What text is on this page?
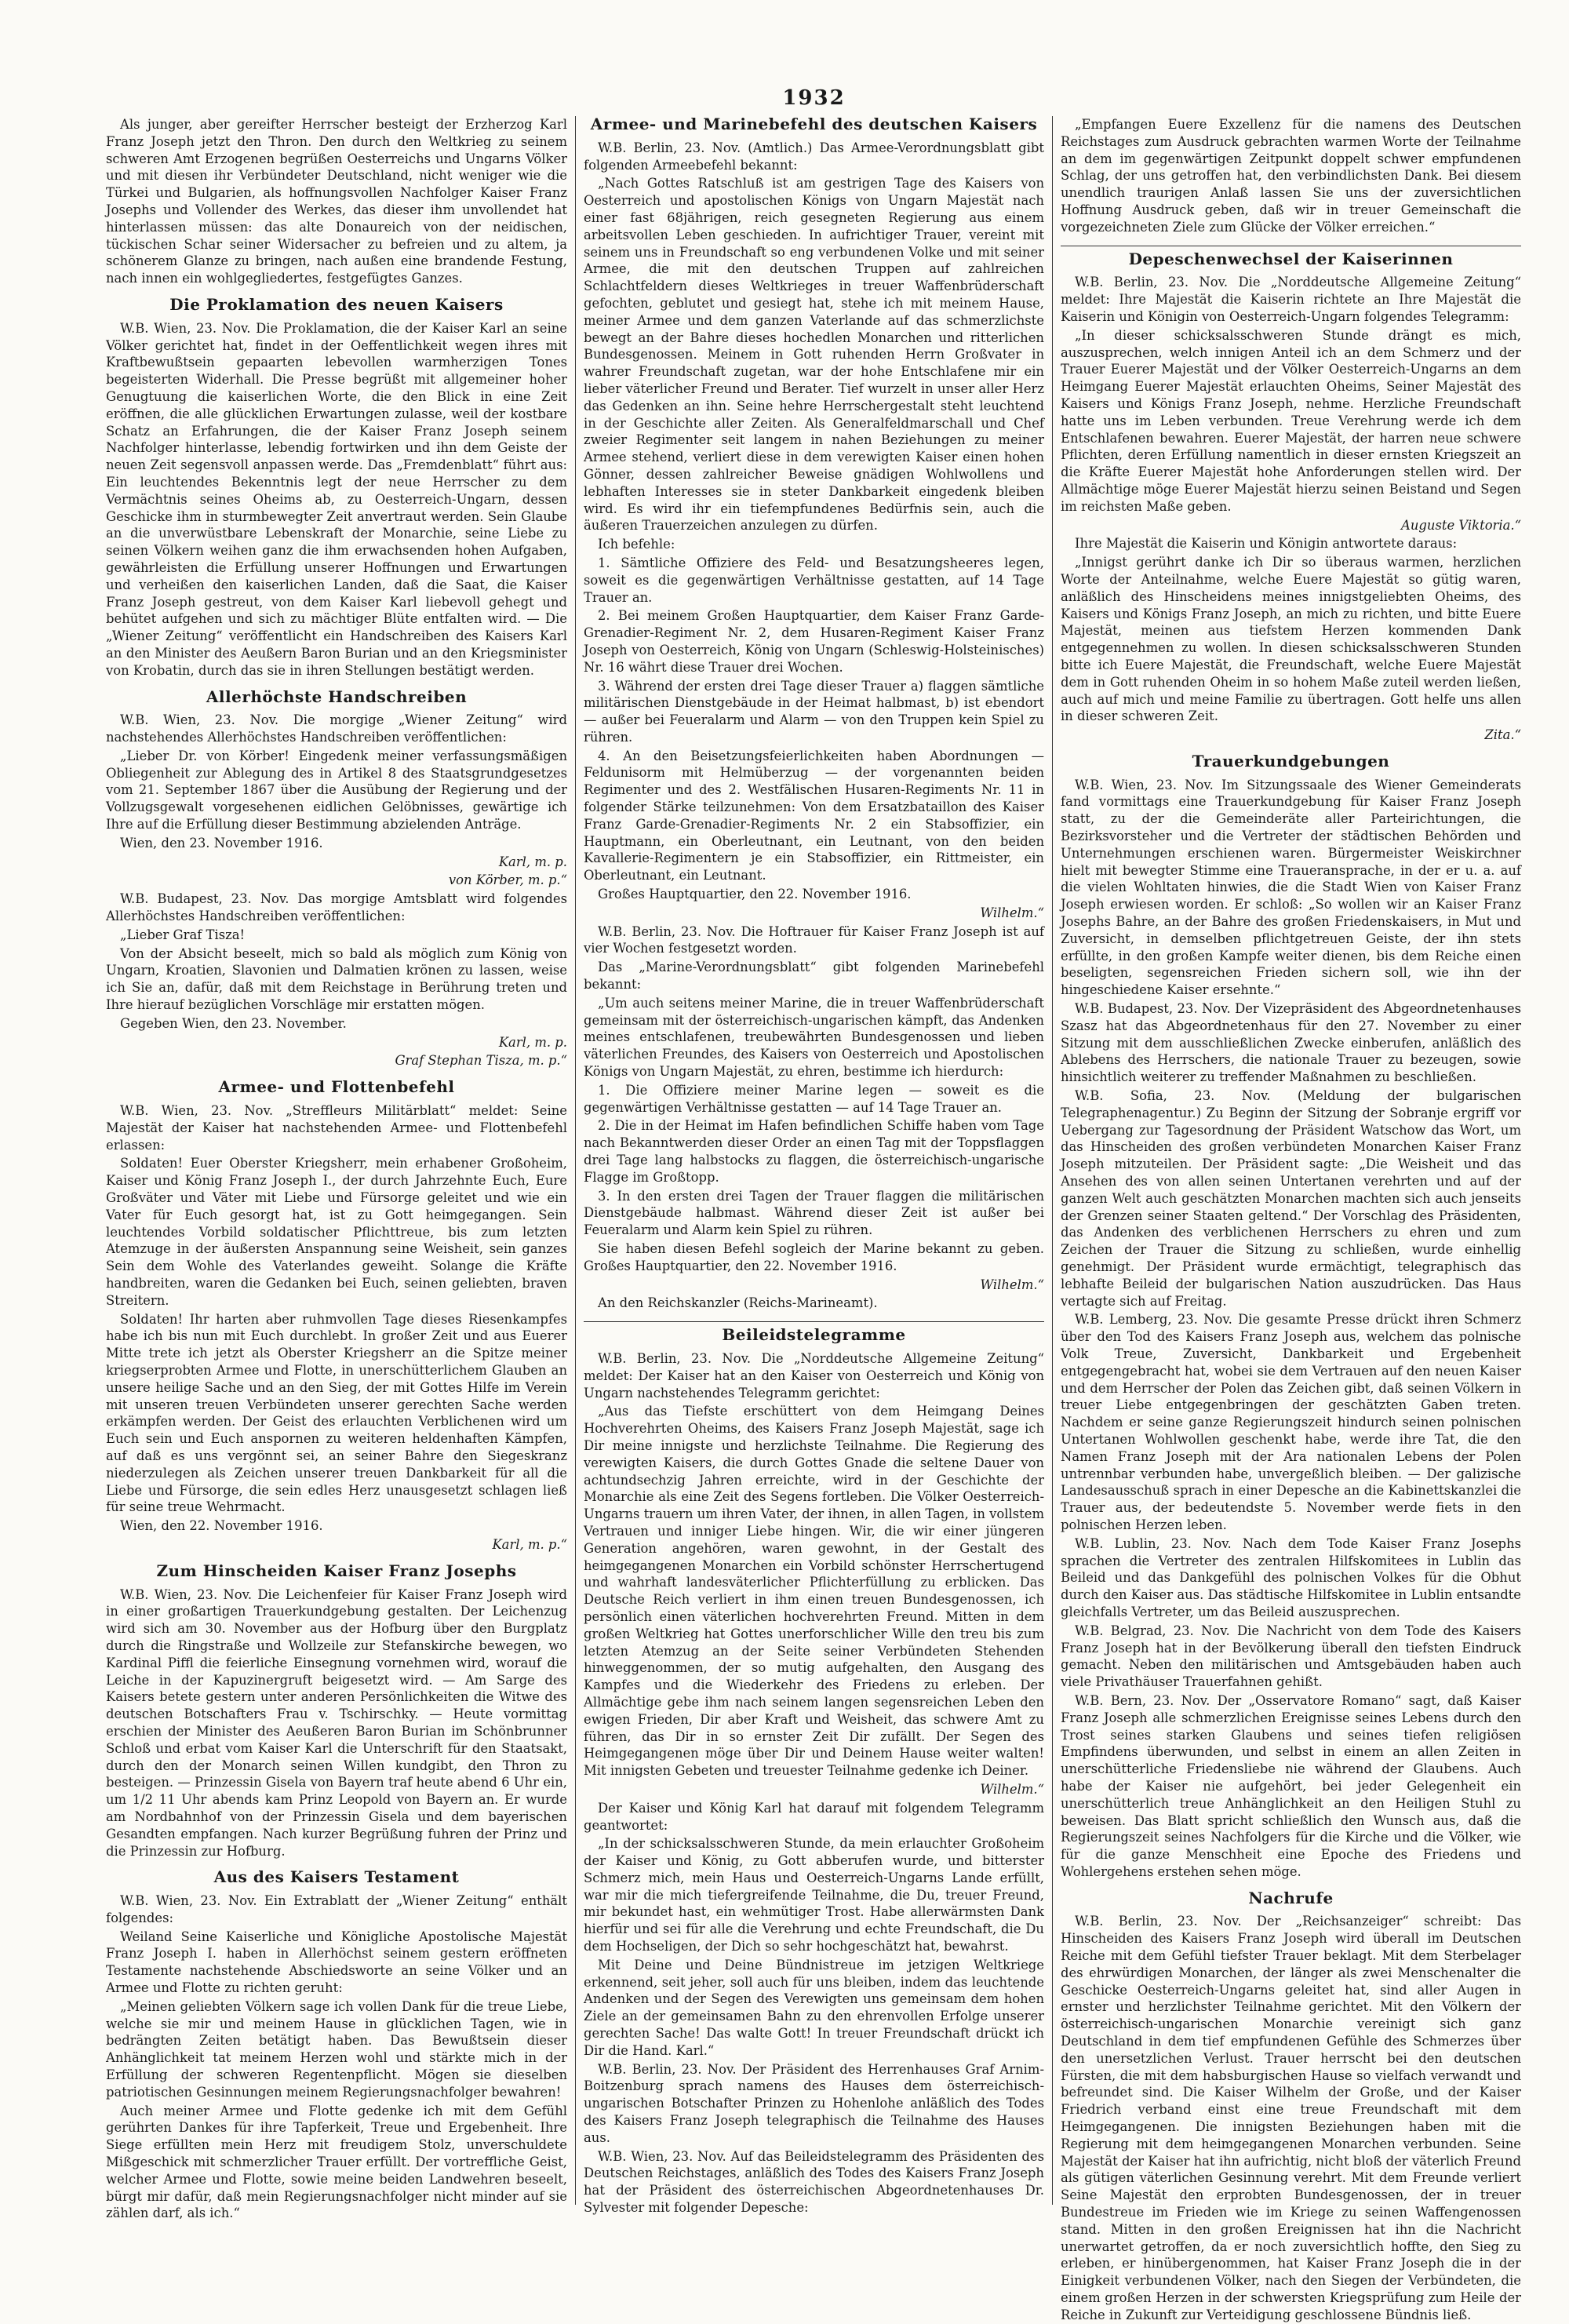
1932

Als junger, aber gereifter Herrscher besteigt der Erzherzog Karl Franz Joseph jetzt den Thron. Den durch den Weltkrieg zu seinem schweren Amt Erzogenen begrüßen Oesterreichs und Ungarns Völker und mit diesen ihr Verbündeter Deutschland, nicht weniger wie die Türkei und Bulgarien, als hoffnungsvollen Nachfolger Kaiser Franz Josephs und Vollender des Werkes, das dieser ihm unvollendet hat hinterlassen müssen: das alte Donaureich von der neidischen, tückischen Schar seiner Widersacher zu befreien und zu altem, ja schönerem Glanze zu bringen, nach außen eine brandende Festung, nach innen ein wohlgegliedertes, festgefügtes Ganzes.

Die Proklamation des neuen Kaisers

W.B. Wien, 23. Nov. Die Proklamation, die der Kaiser Karl an seine Völker gerichtet hat, findet in der Oeffentlichkeit wegen ihres mit Kraftbewußtsein gepaarten lebevollen warmherzigen Tones begeisterten Widerhall. Die Presse begrüßt mit allgemeiner hoher Genugtuung die kaiserlichen Worte, die den Blick in eine Zeit eröffnen, die alle glücklichen Erwartungen zulasse, weil der kostbare Schatz an Erfahrungen, die der Kaiser Franz Joseph seinem Nachfolger hinterlasse, lebendig fortwirken und ihn dem Geiste der neuen Zeit segensvoll anpassen werde. Das „Fremdenblatt“ führt aus: Ein leuchtendes Bekenntnis legt der neue Herrscher zu dem Vermächtnis seines Oheims ab, zu Oesterreich-Ungarn, dessen Geschicke ihm in sturmbewegter Zeit anvertraut werden. Sein Glaube an die unverwüstbare Lebenskraft der Monarchie, seine Liebe zu seinen Völkern weihen ganz die ihm erwachsenden hohen Aufgaben, gewährleisten die Erfüllung unserer Hoffnungen und Erwartungen und verheißen den kaiserlichen Landen, daß die Saat, die Kaiser Franz Joseph gestreut, von dem Kaiser Karl liebevoll gehegt und behütet aufgehen und sich zu mächtiger Blüte entfalten wird. — Die „Wiener Zeitung“ veröffentlicht ein Handschreiben des Kaisers Karl an den Minister des Aeußern Baron Burian und an den Kriegsminister von Krobatin, durch das sie in ihren Stellungen bestätigt werden.

Allerhöchste Handschreiben

W.B. Wien, 23. Nov. Die morgige „Wiener Zeitung“ wird nachstehendes Allerhöchstes Handschreiben veröffentlichen:

„Lieber Dr. von Körber! Eingedenk meiner verfassungsmäßigen Obliegenheit zur Ablegung des in Artikel 8 des Staatsgrundgesetzes vom 21. September 1867 über die Ausübung der Regierung und der Vollzugsgewalt vorgesehenen eidlichen Gelöbnisses, gewärtige ich Ihre auf die Erfüllung dieser Bestimmung abzielenden Anträge.

Wien, den 23. November 1916.

Karl, m. p.

von Körber, m. p.“

W.B. Budapest, 23. Nov. Das morgige Amtsblatt wird folgendes Allerhöchstes Handschreiben veröffentlichen:

„Lieber Graf Tisza!

Von der Absicht beseelt, mich so bald als möglich zum König von Ungarn, Kroatien, Slavonien und Dalmatien krönen zu lassen, weise ich Sie an, dafür, daß mit dem Reichstage in Berührung treten und Ihre hierauf bezüglichen Vorschläge mir erstatten mögen.

Gegeben Wien, den 23. November.

Karl, m. p.

Graf Stephan Tisza, m. p.“

Armee- und Flottenbefehl

W.B. Wien, 23. Nov. „Streffleurs Militärblatt“ meldet: Seine Majestät der Kaiser hat nachstehenden Armee- und Flottenbefehl erlassen:

Soldaten! Euer Oberster Kriegsherr, mein erhabener Großoheim, Kaiser und König Franz Joseph I., der durch Jahrzehnte Euch, Eure Großväter und Väter mit Liebe und Fürsorge geleitet und wie ein Vater für Euch gesorgt hat, ist zu Gott heimgegangen. Sein leuchtendes Vorbild soldatischer Pflichttreue, bis zum letzten Atemzuge in der äußersten Anspannung seine Weisheit, sein ganzes Sein dem Wohle des Vaterlandes geweiht. Solange die Kräfte handbreiten, waren die Gedanken bei Euch, seinen geliebten, braven Streitern.

Soldaten! Ihr harten aber ruhmvollen Tage dieses Riesenkampfes habe ich bis nun mit Euch durchlebt. In großer Zeit und aus Euerer Mitte trete ich jetzt als Oberster Kriegsherr an die Spitze meiner kriegserprobten Armee und Flotte, in unerschütterlichem Glauben an unsere heilige Sache und an den Sieg, der mit Gottes Hilfe im Verein mit unseren treuen Verbündeten unserer gerechten Sache werden erkämpfen werden. Der Geist des erlauchten Verblichenen wird um Euch sein und Euch anspornen zu weiteren heldenhaften Kämpfen, auf daß es uns vergönnt sei, an seiner Bahre den Siegeskranz niederzulegen als Zeichen unserer treuen Dankbarkeit für all die Liebe und Fürsorge, die sein edles Herz unausgesetzt schlagen ließ für seine treue Wehrmacht.

Wien, den 22. November 1916.

Karl, m. p.“

Zum Hinscheiden Kaiser Franz Josephs

W.B. Wien, 23. Nov. Die Leichenfeier für Kaiser Franz Joseph wird in einer großartigen Trauerkundgebung gestalten. Der Leichenzug wird sich am 30. November aus der Hofburg über den Burgplatz durch die Ringstraße und Wollzeile zur Stefanskirche bewegen, wo Kardinal Piffl die feierliche Einsegnung vornehmen wird, worauf die Leiche in der Kapuzinergruft beigesetzt wird. — Am Sarge des Kaisers betete gestern unter anderen Persönlichkeiten die Witwe des deutschen Botschafters Frau v. Tschirschky. — Heute vormittag erschien der Minister des Aeußeren Baron Burian im Schönbrunner Schloß und erbat vom Kaiser Karl die Unterschrift für den Staatsakt, durch den der Monarch seinen Willen kundgibt, den Thron zu besteigen. — Prinzessin Gisela von Bayern traf heute abend 6 Uhr ein, um 1/2 11 Uhr abends kam Prinz Leopold von Bayern an. Er wurde am Nordbahnhof von der Prinzessin Gisela und dem bayerischen Gesandten empfangen. Nach kurzer Begrüßung fuhren der Prinz und die Prinzessin zur Hofburg.

Aus des Kaisers Testament

W.B. Wien, 23. Nov. Ein Extrablatt der „Wiener Zeitung“ enthält folgendes:

Weiland Seine Kaiserliche und Königliche Apostolische Majestät Franz Joseph I. haben in Allerhöchst seinem gestern eröffneten Testamente nachstehende Abschiedsworte an seine Völker und an Armee und Flotte zu richten geruht:

„Meinen geliebten Völkern sage ich vollen Dank für die treue Liebe, welche sie mir und meinem Hause in glücklichen Tagen, wie in bedrängten Zeiten betätigt haben. Das Bewußtsein dieser Anhänglichkeit tat meinem Herzen wohl und stärkte mich in der Erfüllung der schweren Regentenpflicht. Mögen sie dieselben patriotischen Gesinnungen meinem Regierungsnachfolger bewahren!

Auch meiner Armee und Flotte gedenke ich mit dem Gefühl gerührten Dankes für ihre Tapferkeit, Treue und Ergebenheit. Ihre Siege erfüllten mein Herz mit freudigem Stolz, unverschuldete Mißgeschick mit schmerzlicher Trauer erfüllt. Der vortreffliche Geist, welcher Armee und Flotte, sowie meine beiden Landwehren beseelt, bürgt mir dafür, daß mein Regierungsnachfolger nicht minder auf sie zählen darf, als ich.“

Armee- und Marinebefehl des deutschen Kaisers

W.B. Berlin, 23. Nov. (Amtlich.) Das Armee-Verordnungsblatt gibt folgenden Armeebefehl bekannt:

„Nach Gottes Ratschluß ist am gestrigen Tage des Kaisers von Oesterreich und apostolischen Königs von Ungarn Majestät nach einer fast 68jährigen, reich gesegneten Regierung aus einem arbeitsvollen Leben geschieden. In aufrichtiger Trauer, vereint mit seinem uns in Freundschaft so eng verbundenen Volke und mit seiner Armee, die mit den deutschen Truppen auf zahlreichen Schlachtfeldern dieses Weltkrieges in treuer Waffenbrüderschaft gefochten, geblutet und gesiegt hat, stehe ich mit meinem Hause, meiner Armee und dem ganzen Vaterlande auf das schmerzlichste bewegt an der Bahre dieses hochedlen Monarchen und ritterlichen Bundesgenossen. Meinem in Gott ruhenden Herrn Großvater in wahrer Freundschaft zugetan, war der hohe Entschlafene mir ein lieber väterlicher Freund und Berater. Tief wurzelt in unser aller Herz das Gedenken an ihn. Seine hehre Herrschergestalt steht leuchtend in der Geschichte aller Zeiten. Als Generalfeldmarschall und Chef zweier Regimenter seit langem in nahen Beziehungen zu meiner Armee stehend, verliert diese in dem verewigten Kaiser einen hohen Gönner, dessen zahlreicher Beweise gnädigen Wohlwollens und lebhaften Interesses sie in steter Dankbarkeit eingedenk bleiben wird. Es wird ihr ein tiefempfundenes Bedürfnis sein, auch die äußeren Trauerzeichen anzulegen zu dürfen.

Ich befehle:

1. Sämtliche Offiziere des Feld- und Besatzungsheeres legen, soweit es die gegenwärtigen Verhältnisse gestatten, auf 14 Tage Trauer an.

2. Bei meinem Großen Hauptquartier, dem Kaiser Franz Garde-Grenadier-Regiment Nr. 2, dem Husaren-Regiment Kaiser Franz Joseph von Oesterreich, König von Ungarn (Schleswig-Holsteinisches) Nr. 16 währt diese Trauer drei Wochen.

3. Während der ersten drei Tage dieser Trauer a) flaggen sämtliche militärischen Dienstgebäude in der Heimat halbmast, b) ist ebendort — außer bei Feueralarm und Alarm — von den Truppen kein Spiel zu rühren.

4. An den Beisetzungsfeierlichkeiten haben Abordnungen — Feldunisorm mit Helmüberzug — der vorgenannten beiden Regimenter und des 2. Westfälischen Husaren-Regiments Nr. 11 in folgender Stärke teilzunehmen: Von dem Ersatzbataillon des Kaiser Franz Garde-Grenadier-Regiments Nr. 2 ein Stabsoffizier, ein Hauptmann, ein Oberleutnant, ein Leutnant, von den beiden Kavallerie-Regimentern je ein Stabsoffizier, ein Rittmeister, ein Oberleutnant, ein Leutnant.

Großes Hauptquartier, den 22. November 1916.

Wilhelm.“

W.B. Berlin, 23. Nov. Die Hoftrauer für Kaiser Franz Joseph ist auf vier Wochen festgesetzt worden.

Das „Marine-Verordnungsblatt“ gibt folgenden Marinebefehl bekannt:

„Um auch seitens meiner Marine, die in treuer Waffenbrüderschaft gemeinsam mit der österreichisch-ungarischen kämpft, das Andenken meines entschlafenen, treubewährten Bundesgenossen und lieben väterlichen Freundes, des Kaisers von Oesterreich und Apostolischen Königs von Ungarn Majestät, zu ehren, bestimme ich hierdurch:

1. Die Offiziere meiner Marine legen — soweit es die gegenwärtigen Verhältnisse gestatten — auf 14 Tage Trauer an.

2. Die in der Heimat im Hafen befindlichen Schiffe haben vom Tage nach Bekanntwerden dieser Order an einen Tag mit der Toppsflaggen drei Tage lang halbstocks zu flaggen, die österreichisch-ungarische Flagge im Großtopp.

3. In den ersten drei Tagen der Trauer flaggen die militärischen Dienstgebäude halbmast. Während dieser Zeit ist außer bei Feueralarm und Alarm kein Spiel zu rühren.

Sie haben diesen Befehl sogleich der Marine bekannt zu geben. Großes Hauptquartier, den 22. November 1916.

Wilhelm.“

An den Reichskanzler (Reichs-Marineamt).

Beileidstelegramme

W.B. Berlin, 23. Nov. Die „Norddeutsche Allgemeine Zeitung“ meldet: Der Kaiser hat an den Kaiser von Oesterreich und König von Ungarn nachstehendes Telegramm gerichtet:

„Aus das Tiefste erschüttert von dem Heimgang Deines Hochverehrten Oheims, des Kaisers Franz Joseph Majestät, sage ich Dir meine innigste und herzlichste Teilnahme. Die Regierung des verewigten Kaisers, die durch Gottes Gnade die seltene Dauer von achtundsechzig Jahren erreichte, wird in der Geschichte der Monarchie als eine Zeit des Segens fortleben. Die Völker Oesterreich-Ungarns trauern um ihren Vater, der ihnen, in allen Tagen, in vollstem Vertrauen und inniger Liebe hingen. Wir, die wir einer jüngeren Generation angehören, waren gewohnt, in der Gestalt des heimgegangenen Monarchen ein Vorbild schönster Herrschertugend und wahrhaft landesväterlicher Pflichterfüllung zu erblicken. Das Deutsche Reich verliert in ihm einen treuen Bundesgenossen, ich persönlich einen väterlichen hochverehrten Freund. Mitten in dem großen Weltkrieg hat Gottes unerforschlicher Wille den treu bis zum letzten Atemzug an der Seite seiner Verbündeten Stehenden hinweggenommen, der so mutig aufgehalten, den Ausgang des Kampfes und die Wiederkehr des Friedens zu erleben. Der Allmächtige gebe ihm nach seinem langen segensreichen Leben den ewigen Frieden, Dir aber Kraft und Weisheit, das schwere Amt zu führen, das Dir in so ernster Zeit Dir zufällt. Der Segen des Heimgegangenen möge über Dir und Deinem Hause weiter walten! Mit innigsten Gebeten und treuester Teilnahme gedenke ich Deiner.

Wilhelm.“

Der Kaiser und König Karl hat darauf mit folgendem Telegramm geantwortet:

„In der schicksalsschweren Stunde, da mein erlauchter Großoheim der Kaiser und König, zu Gott abberufen wurde, und bitterster Schmerz mich, mein Haus und Oesterreich-Ungarns Lande erfüllt, war mir die mich tiefergreifende Teilnahme, die Du, treuer Freund, mir bekundet hast, ein wehmütiger Trost. Habe allerwärmsten Dank hierfür und sei für alle die Verehrung und echte Freundschaft, die Du dem Hochseligen, der Dich so sehr hochgeschätzt hat, bewahrst.

Mit Deine und Deine Bündnistreue im jetzigen Weltkriege erkennend, seit jeher, soll auch für uns bleiben, indem das leuchtende Andenken und der Segen des Verewigten uns gemeinsam dem hohen Ziele an der gemeinsamen Bahn zu den ehrenvollen Erfolge unserer gerechten Sache! Das walte Gott! In treuer Freundschaft drückt ich Dir die Hand. Karl.“

W.B. Berlin, 23. Nov. Der Präsident des Herrenhauses Graf Arnim-Boitzenburg sprach namens des Hauses dem österreichisch-ungarischen Botschafter Prinzen zu Hohenlohe anläßlich des Todes des Kaisers Franz Joseph telegraphisch die Teilnahme des Hauses aus.

W.B. Wien, 23. Nov. Auf das Beileidstelegramm des Präsidenten des Deutschen Reichstages, anläßlich des Todes des Kaisers Franz Joseph hat der Präsident des österreichischen Abgeordnetenhauses Dr. Sylvester mit folgender Depesche:

„Empfangen Euere Exzellenz für die namens des Deutschen Reichstages zum Ausdruck gebrachten warmen Worte der Teilnahme an dem im gegenwärtigen Zeitpunkt doppelt schwer empfundenen Schlag, der uns getroffen hat, den verbindlichsten Dank. Bei diesem unendlich traurigen Anlaß lassen Sie uns der zuversichtlichen Hoffnung Ausdruck geben, daß wir in treuer Gemeinschaft die vorgezeichneten Ziele zum Glücke der Völker erreichen.“

Depeschenwechsel der Kaiserinnen

W.B. Berlin, 23. Nov. Die „Norddeutsche Allgemeine Zeitung“ meldet: Ihre Majestät die Kaiserin richtete an Ihre Majestät die Kaiserin und Königin von Oesterreich-Ungarn folgendes Telegramm:

„In dieser schicksalsschweren Stunde drängt es mich, auszusprechen, welch innigen Anteil ich an dem Schmerz und der Trauer Euerer Majestät und der Völker Oesterreich-Ungarns an dem Heimgang Euerer Majestät erlauchten Oheims, Seiner Majestät des Kaisers und Königs Franz Joseph, nehme. Herzliche Freundschaft hatte uns im Leben verbunden. Treue Verehrung werde ich dem Entschlafenen bewahren. Euerer Majestät, der harren neue schwere Pflichten, deren Erfüllung namentlich in dieser ernsten Kriegszeit an die Kräfte Euerer Majestät hohe Anforderungen stellen wird. Der Allmächtige möge Euerer Majestät hierzu seinen Beistand und Segen im reichsten Maße geben.

Auguste Viktoria.“

Ihre Majestät die Kaiserin und Königin antwortete daraus:

„Innigst gerührt danke ich Dir so überaus warmen, herzlichen Worte der Anteilnahme, welche Euere Majestät so gütig waren, anläßlich des Hinscheidens meines innigstgeliebten Oheims, des Kaisers und Königs Franz Joseph, an mich zu richten, und bitte Euere Majestät, meinen aus tiefstem Herzen kommenden Dank entgegennehmen zu wollen. In diesen schicksalsschweren Stunden bitte ich Euere Majestät, die Freundschaft, welche Euere Majestät dem in Gott ruhenden Oheim in so hohem Maße zuteil werden ließen, auch auf mich und meine Familie zu übertragen. Gott helfe uns allen in dieser schweren Zeit.

Zita.“

Trauerkundgebungen

W.B. Wien, 23. Nov. Im Sitzungssaale des Wiener Gemeinderats fand vormittags eine Trauerkundgebung für Kaiser Franz Joseph statt, zu der die Gemeinderäte aller Parteirichtungen, die Bezirksvorsteher und die Vertreter der städtischen Behörden und Unternehmungen erschienen waren. Bürgermeister Weiskirchner hielt mit bewegter Stimme eine Traueransprache, in der er u. a. auf die vielen Wohltaten hinwies, die die Stadt Wien von Kaiser Franz Joseph erwiesen worden. Er schloß: „So wollen wir an Kaiser Franz Josephs Bahre, an der Bahre des großen Friedenskaisers, in Mut und Zuversicht, in demselben pflichtgetreuen Geiste, der ihn stets erfüllte, in den großen Kampfe weiter dienen, bis dem Reiche einen beseligten, segensreichen Frieden sichern soll, wie ihn der hingeschiedene Kaiser ersehnte.“

W.B. Budapest, 23. Nov. Der Vizepräsident des Abgeordnetenhauses Szasz hat das Abgeordnetenhaus für den 27. November zu einer Sitzung mit dem ausschließlichen Zwecke einberufen, anläßlich des Ablebens des Herrschers, die nationale Trauer zu bezeugen, sowie hinsichtlich weiterer zu treffender Maßnahmen zu beschließen.

W.B. Sofia, 23. Nov. (Meldung der bulgarischen Telegraphenagentur.) Zu Beginn der Sitzung der Sobranje ergriff vor Uebergang zur Tagesordnung der Präsident Watschow das Wort, um das Hinscheiden des großen verbündeten Monarchen Kaiser Franz Joseph mitzuteilen. Der Präsident sagte: „Die Weisheit und das Ansehen des von allen seinen Untertanen verehrten und auf der ganzen Welt auch geschätzten Monarchen machten sich auch jenseits der Grenzen seiner Staaten geltend.“ Der Vorschlag des Präsidenten, das Andenken des verblichenen Herrschers zu ehren und zum Zeichen der Trauer die Sitzung zu schließen, wurde einhellig genehmigt. Der Präsident wurde ermächtigt, telegraphisch das lebhafte Beileid der bulgarischen Nation auszudrücken. Das Haus vertagte sich auf Freitag.

W.B. Lemberg, 23. Nov. Die gesamte Presse drückt ihren Schmerz über den Tod des Kaisers Franz Joseph aus, welchem das polnische Volk Treue, Zuversicht, Dankbarkeit und Ergebenheit entgegengebracht hat, wobei sie dem Vertrauen auf den neuen Kaiser und dem Herrscher der Polen das Zeichen gibt, daß seinen Völkern in treuer Liebe entgegenbringen der geschätzten Gaben treten. Nachdem er seine ganze Regierungszeit hindurch seinen polnischen Untertanen Wohlwollen geschenkt habe, werde ihre Tat, die den Namen Franz Joseph mit der Ara nationalen Lebens der Polen untrennbar verbunden habe, unvergeßlich bleiben. — Der galizische Landesausschuß sprach in einer Depesche an die Kabinettskanzlei die Trauer aus, der bedeutendste 5. November werde fiets in den polnischen Herzen leben.

W.B. Lublin, 23. Nov. Nach dem Tode Kaiser Franz Josephs sprachen die Vertreter des zentralen Hilfskomitees in Lublin das Beileid und das Dankgefühl des polnischen Volkes für die Obhut durch den Kaiser aus. Das städtische Hilfskomitee in Lublin entsandte gleichfalls Vertreter, um das Beileid auszusprechen.

W.B. Belgrad, 23. Nov. Die Nachricht von dem Tode des Kaisers Franz Joseph hat in der Bevölkerung überall den tiefsten Eindruck gemacht. Neben den militärischen und Amtsgebäuden haben auch viele Privathäuser Trauerfahnen gehißt.

W.B. Bern, 23. Nov. Der „Osservatore Romano“ sagt, daß Kaiser Franz Joseph alle schmerzlichen Ereignisse seines Lebens durch den Trost seines starken Glaubens und seines tiefen religiösen Empfindens überwunden, und selbst in einem an allen Zeiten in unerschütterliche Friedensliebe nie während der Glaubens. Auch habe der Kaiser nie aufgehört, bei jeder Gelegenheit ein unerschütterlich treue Anhänglichkeit an den Heiligen Stuhl zu beweisen. Das Blatt spricht schließlich den Wunsch aus, daß die Regierungszeit seines Nachfolgers für die Kirche und die Völker, wie für die ganze Menschheit eine Epoche des Friedens und Wohlergehens erstehen sehen möge.

Nachrufe

W.B. Berlin, 23. Nov. Der „Reichsanzeiger“ schreibt: Das Hinscheiden des Kaisers Franz Joseph wird überall im Deutschen Reiche mit dem Gefühl tiefster Trauer beklagt. Mit dem Sterbelager des ehrwürdigen Monarchen, der länger als zwei Menschenalter die Geschicke Oesterreich-Ungarns geleitet hat, sind aller Augen in ernster und herzlichster Teilnahme gerichtet. Mit den Völkern der österreichisch-ungarischen Monarchie vereinigt sich ganz Deutschland in dem tief empfundenen Gefühle des Schmerzes über den unersetzlichen Verlust. Trauer herrscht bei den deutschen Fürsten, die mit dem habsburgischen Hause so vielfach verwandt und befreundet sind. Die Kaiser Wilhelm der Große, und der Kaiser Friedrich verband einst eine treue Freundschaft mit dem Heimgegangenen. Die innigsten Beziehungen haben mit die Regierung mit dem heimgegangenen Monarchen verbunden. Seine Majestät der Kaiser hat ihn aufrichtig, nicht bloß der väterlich Freund als gütigen väterlichen Gesinnung verehrt. Mit dem Freunde verliert Seine Majestät den erprobten Bundesgenossen, der in treuer Bundestreue im Frieden wie im Kriege zu seinen Waffengenossen stand. Mitten in den großen Ereignissen hat ihn die Nachricht unerwartet getroffen, da er noch zuversichtlich hoffte, den Sieg zu erleben, er hinübergenommen, hat Kaiser Franz Joseph die in der Einigkeit verbundenen Völker, nach den Siegen der Verbündeten, die einem großen Herzen in der schwersten Kriegsprüfung zum Heile der Reiche in Zukunft zur Verteidigung geschlossene Bündnis ließ.
